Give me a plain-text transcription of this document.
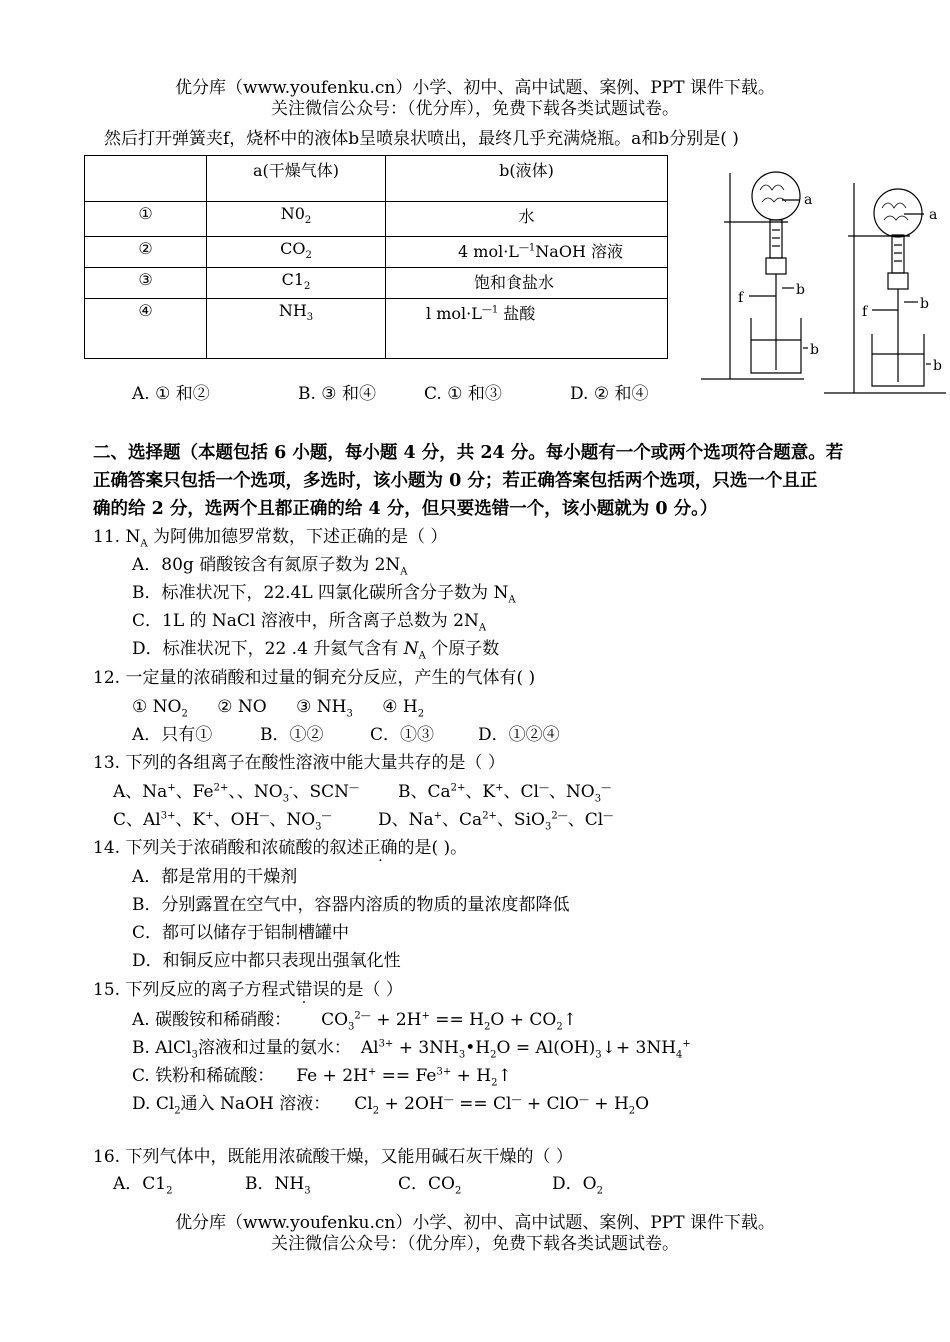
优分库（www.youfenku.cn）小学、初中、高中试题、案例、PPT 课件下载。
关注微信公众号：（优分库），免费下载各类试题试卷。
然后打开弹簧夹f，烧杯中的液体b呈喷泉状喷出，最终几乎充满烧瓶。a和b分别是( )
	a(干燥气体)	b(液体)
①	$N0_2$	水
②	$CO_2$	4 $mol\cdot L^{—1}NaOH$ 溶液
③	$C1_2$	饱和食盐水
④	$NH_3$	l $mol\cdot L^{—1}$ 盐酸
a
b
f
b
a
b
f
b
A. ① 和②	B. ③ 和④	C. ① 和③	D. ② 和④
二、选择题（本题包括 6 小题，每小题 4 分，共 24 分。每小题有一个或两个选项符合题意。若
正确答案只包括一个选项，多选时，该小题为 0 分；若正确答案包括两个选项，只选一个且正
确的给 2 分，选两个且都正确的给 4 分，但只要选错一个，该小题就为 0 分。）
11. $N_A$ 为阿佛加德罗常数，下述正确的是（ ）
A．80g 硝酸铵含有氮原子数为 $2N_A$
B．标准状况下，22.4L 四氯化碳所含分子数为 $N_A$
C．1L 的 NaCl 溶液中，所含离子总数为 $2N_A$
D．标准状况下，22 .4 升氦气含有 $N_A$ 个原子数
12. 一定量的浓硝酸和过量的铜充分反应，产生的气体有( )
① $NO_2$ ② NO ③ $NH_3$ ④ $H_2$
A．只有①	B．①②	C．①③	D．①②④
13. 下列的各组离子在酸性溶液中能大量共存的是（ ）
A、Na+、$Fe^{2+}$、、$NO_3^-$、SCN— B、$Ca^{2+}$、K+、Cl—、$NO_3^—$
C、$Al^{3+}$、K+、OH—、$NO_3^—$	D、Na+、$Ca^{2+}$、SiO$_3^{2—}$、Cl—
14. 下列关于浓硝酸和浓硫酸的叙述正确的是( )。
A．都是常用的干燥剂
B．分别露置在空气中，容器内溶质的物质的量浓度都降低
C．都可以储存于铝制槽罐中
D．和铜反应中都只表现出强氧化性
15. 下列反应的离子方程式错误的是（ ）
A. 碳酸铵和稀硝酸： $CO_3^{2—} + 2H^+ == H_2O$ + $CO_2↑$
B. AlCl$_3$溶液和过量的氨水： $Al^{3+}$ + $3NH_3•H_2O$ = $Al(OH)_3↓+ 3NH_4^+$
C. 铁粉和稀硫酸： $Fe + 2H^+ == Fe^{3+}$ + $H_2↑$
D. $Cl_2$通入 NaOH 溶液： $Cl_2 + 2OH^— == Cl^— + ClO^— + H_2O$
16. 下列气体中，既能用浓硫酸干燥，又能用碱石灰干燥的（ ）
A．$C1_2$	B．$NH_3$	C．$CO_2$	D．$O_2$
优分库（www.youfenku.cn）小学、初中、高中试题、案例、PPT 课件下载。
关注微信公众号：（优分库），免费下载各类试题试卷。
